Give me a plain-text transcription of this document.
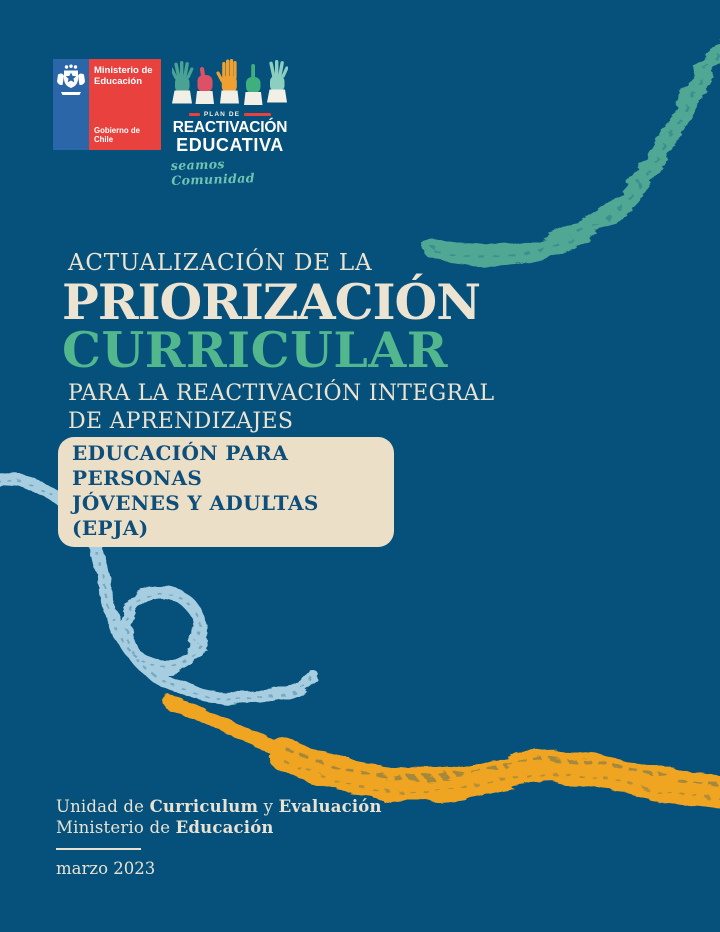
Ministerio de
Educación
Gobierno de Chile
PLAN DE
REACTIVACIÓN
EDUCATIVA
seamos Comunidad
ACTUALIZACIÓN DE LA
PRIORIZACIÓN
CURRICULAR
PARA LA REACTIVACIÓN INTEGRAL
DE APRENDIZAJES
EDUCACIÓN PARA PERSONAS
JÓVENES Y ADULTAS (EPJA)
Unidad de Curriculum y Evaluación
Ministerio de Educación
marzo 2023
